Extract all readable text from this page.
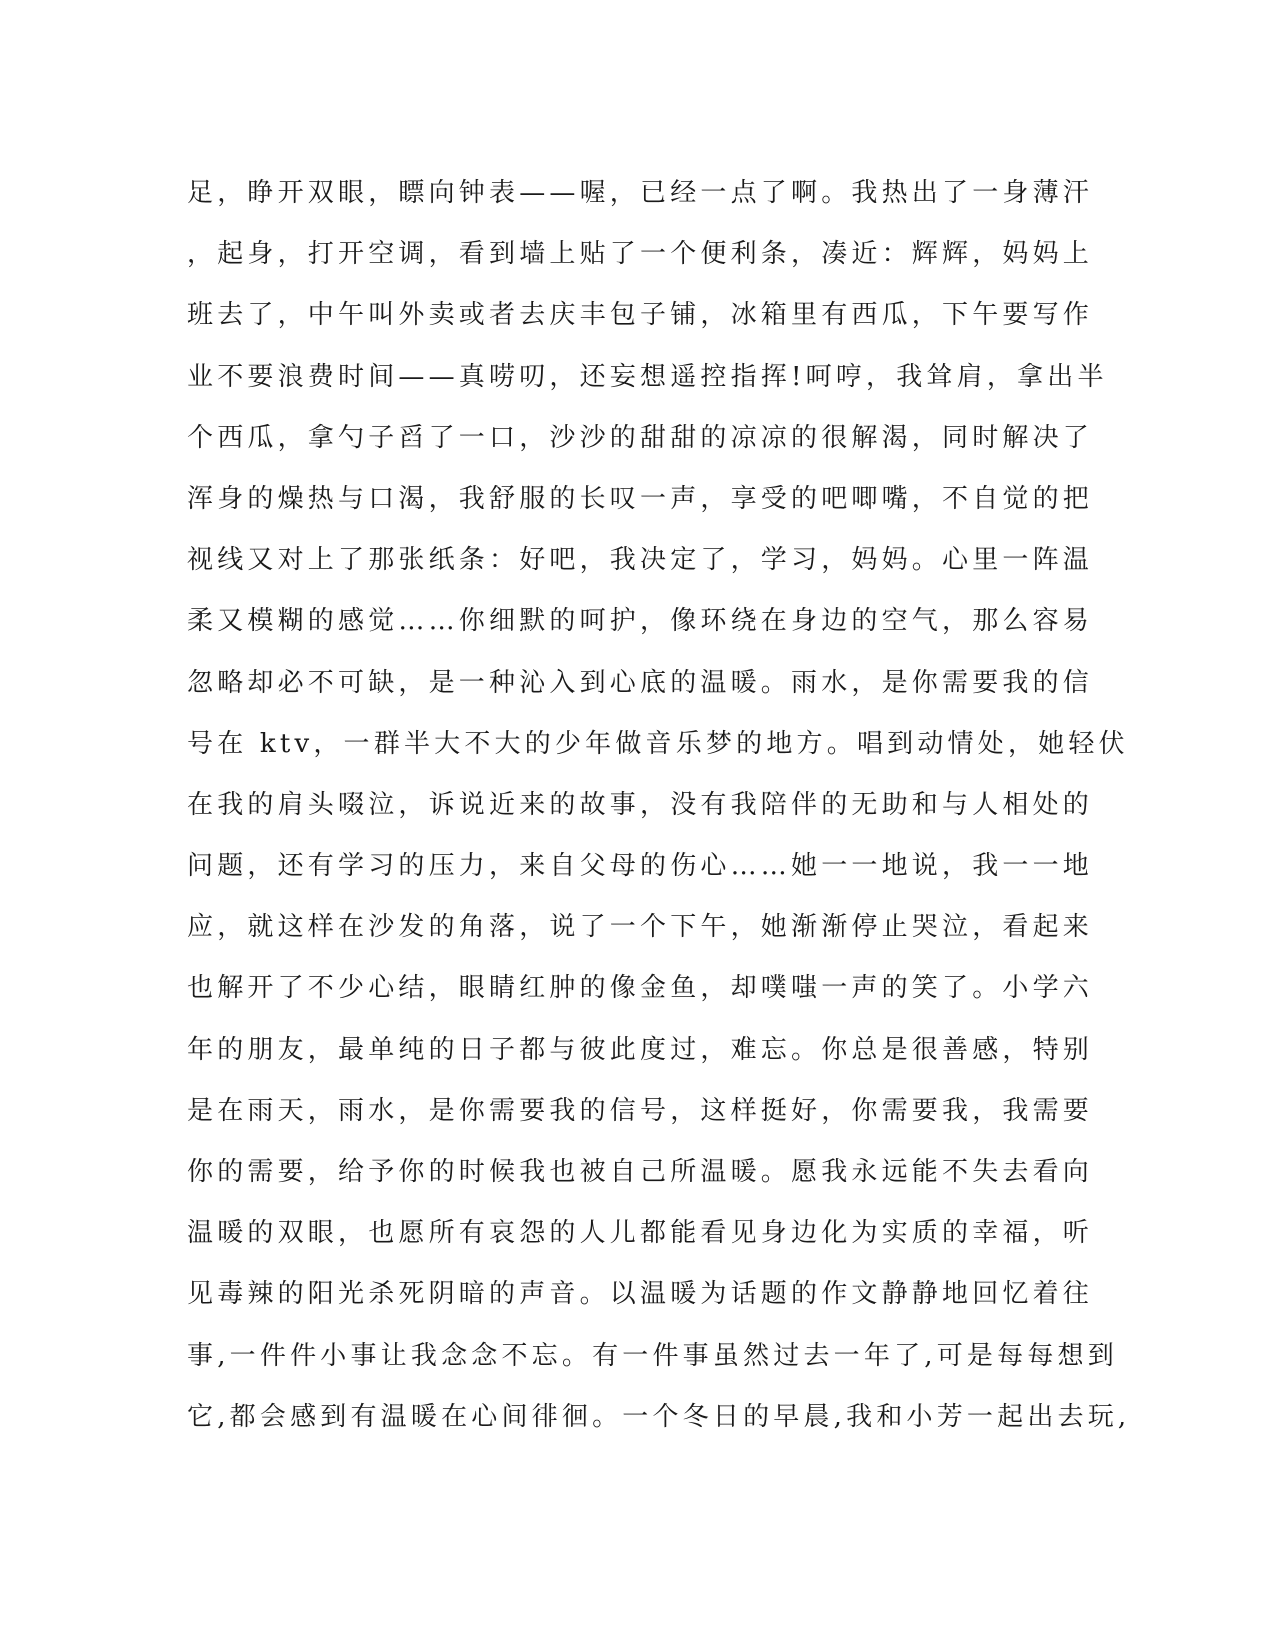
足，睁开双眼，瞟向钟表——喔，已经一点了啊。我热出了一身薄汗
，起身，打开空调，看到墙上贴了一个便利条，凑近：辉辉，妈妈上
班去了，中午叫外卖或者去庆丰包子铺，冰箱里有西瓜，下午要写作
业不要浪费时间——真唠叨，还妄想遥控指挥!呵哼，我耸肩，拿出半
个西瓜，拿勺子舀了一口，沙沙的甜甜的凉凉的很解渴，同时解决了
浑身的燥热与口渴，我舒服的长叹一声，享受的吧唧嘴，不自觉的把
视线又对上了那张纸条：好吧，我决定了，学习，妈妈。心里一阵温
柔又模糊的感觉……你细默的呵护，像环绕在身边的空气，那么容易
忽略却必不可缺，是一种沁入到心底的温暖。雨水，是你需要我的信
号在 ktv，一群半大不大的少年做音乐梦的地方。唱到动情处，她轻伏
在我的肩头啜泣，诉说近来的故事，没有我陪伴的无助和与人相处的
问题，还有学习的压力，来自父母的伤心……她一一地说，我一一地
应，就这样在沙发的角落，说了一个下午，她渐渐停止哭泣，看起来
也解开了不少心结，眼睛红肿的像金鱼，却噗嗤一声的笑了。小学六
年的朋友，最单纯的日子都与彼此度过，难忘。你总是很善感，特别
是在雨天，雨水，是你需要我的信号，这样挺好，你需要我，我需要
你的需要，给予你的时候我也被自己所温暖。愿我永远能不失去看向
温暖的双眼，也愿所有哀怨的人儿都能看见身边化为实质的幸福，听
见毒辣的阳光杀死阴暗的声音。以温暖为话题的作文静静地回忆着往
事,一件件小事让我念念不忘。有一件事虽然过去一年了,可是每每想到
它,都会感到有温暖在心间徘徊。一个冬日的早晨,我和小芳一起出去玩,
